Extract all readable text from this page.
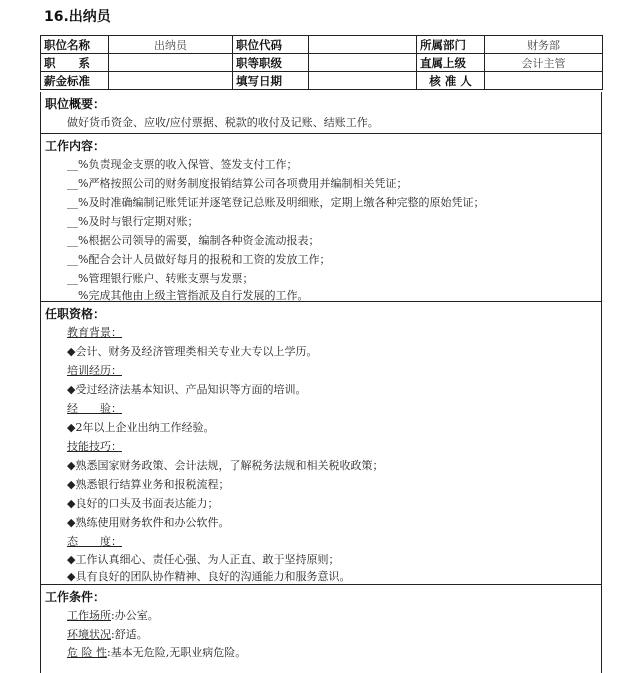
16.出纳员
职位名称	出纳员	职位代码		所属部门	财务部
职　　系		职等职级		直属上级	会计主管
薪金标准		填写日期		核 准 人	
职位概要：
做好货币资金、应收/应付票据、税款的收付及记账、结账工作。
工作内容：
__%负责现金支票的收入保管、签发支付工作；
__%严格按照公司的财务制度报销结算公司各项费用并编制相关凭证；
__%及时准确编制记账凭证并逐笔登记总账及明细账，定期上缴各种完整的原始凭证；
__%及时与银行定期对账；
__%根据公司领导的需要，编制各种资金流动报表；
__%配合会计人员做好每月的报税和工资的发放工作；
__%管理银行账户、转账支票与发票；
__%完成其他由上级主管指派及自行发展的工作。
任职资格：
教育背景：
◆会计、财务及经济管理类相关专业大专以上学历。
培训经历：
◆受过经济法基本知识、产品知识等方面的培训。
经　　验：
◆2年以上企业出纳工作经验。
技能技巧：
◆熟悉国家财务政策、会计法规，了解税务法规和相关税收政策；
◆熟悉银行结算业务和报税流程；
◆良好的口头及书面表达能力；
◆熟练使用财务软件和办公软件。
态　　度：
◆工作认真细心、责任心强、为人正直、敢于坚持原则；
◆具有良好的团队协作精神、良好的沟通能力和服务意识。
工作条件：
工作场所:办公室。
环境状况:舒适。
危 险 性:基本无危险,无职业病危险。
